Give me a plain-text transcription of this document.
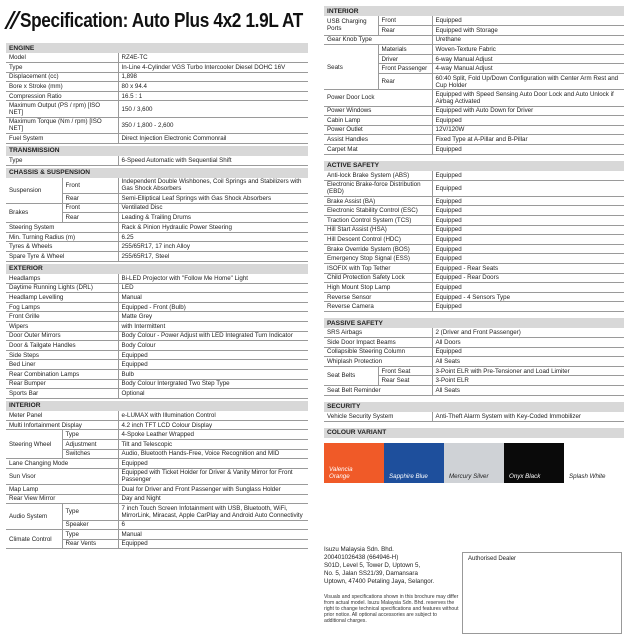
// Specification: Auto Plus 4x2 1.9L AT
ENGINE
Model	RZ4E-TC
Type	In-Line 4-Cylinder VGS Turbo Intercooler Diesel DOHC 16V
Displacement (cc)	1,898
Bore x Stroke (mm)	80 x 94.4
Compression Ratio	16.5 : 1
Maximum Output (PS / rpm) [ISO NET]	150 / 3,600
Maximum Torque (Nm / rpm) [ISO NET]	350 / 1,800 - 2,600
Fuel System	Direct Injection Electronic Commonrail
TRANSMISSION
Type	6-Speed Automatic with Sequential Shift
CHASSIS & SUSPENSION
Suspension	Front	Independent Double Wishbones, Coil Springs and Stabilizers with Gas Shock Absorbers
	Rear	Semi-Elliptical Leaf Springs with Gas Shock Absorbers
Brakes	Front	Ventilated Disc
	Rear	Leading & Trailing Drums
Steering System	Rack & Pinion Hydraulic Power Steering
Min. Turning Radius (m)	6.25
Tyres & Wheels	255/65R17, 17 inch Alloy
Spare Tyre & Wheel	255/65R17, Steel
EXTERIOR
Headlamps	Bi-LED Projector with "Follow Me Home" Light
Daytime Running Lights (DRL)	LED
Headlamp Levelling	Manual
Fog Lamps	Equipped - Front (Bulb)
Front Grille	Matte Grey
Wipers	with Intermittent
Door Outer Mirrors	Body Colour - Power Adjust with LED Integrated Turn Indicator
Door & Tailgate Handles	Body Colour
Side Steps	Equipped
Bed Liner	Equipped
Rear Combination Lamps	Bulb
Rear Bumper	Body Colour Intergrated Two Step Type
Sports Bar	Optional
INTERIOR
Meter Panel		e-LUMAX with Illumination Control
Multi Infortainment Display		4.2 inch TFT LCD Colour Display
Steering Wheel	Type	4-Spoke Leather Wrapped
	Adjustment	Tilt and Telescopic
	Switches	Audio, Bluetooth Hands-Free, Voice Recognition and MID
Lane Changing Mode		Equipped
Sun Visor		Equipped with Ticket Holder for Driver & Vanity Mirror for Front Passenger
Map Lamp		Dual for Driver and Front Passenger with Sunglass Holder
Rear View Mirror		Day and Night
Audio System	Type	7 inch Touch Screen Infotainment with USB, Bluetooth, WiFi, MirrorLink, Miracast, Apple CarPlay and Android Auto Connectivity
	Speaker	6
Climate Control	Type	Manual
	Rear Vents	Equipped
INTERIOR
USB Charging Ports	Front	Equipped
	Rear	Equipped with Storage
Gear Knob Type		Urethane
Seats	Materials	Woven-Texture Fabric
	Driver	6-way Manual Adjust
	Front Passenger	4-way Manual Adjust
	Rear	60:40 Split, Fold Up/Down Configuration with Center Arm Rest and Cup Holder
Power Door Lock		Equipped with Speed Sensing Auto Door Lock and Auto Unlock if Airbag Activated
Power Windows		Equipped with Auto Down for Driver
Cabin Lamp		Equipped
Power Outlet		12V/120W
Assist Handles		Fixed Type at A-Pillar and B-Pillar
Carpet Mat		Equipped
ACTIVE SAFETY
Anti-lock Brake System (ABS)	Equipped
Electronic Brake-force Distribution (EBD)	Equipped
Brake Assist (BA)	Equipped
Electronic Stability Control (ESC)	Equipped
Traction Control System (TCS)	Equipped
Hill Start Assist (HSA)	Equipped
Hill Descent Control (HDC)	Equipped
Brake Override System (BOS)	Equipped
Emergency Stop Signal (ESS)	Equipped
ISOFIX with Top Tether	Equipped - Rear Seats
Child Protection Safety Lock	Equipped - Rear Doors
High Mount Stop Lamp	Equipped
Reverse Sensor	Equipped - 4 Sensors Type
Reverse Camera	Equipped
PASSIVE SAFETY
SRS Airbags		2 (Driver and Front Passenger)
Side Door Impact Beams		All Doors
Collapsible Steering Column		Equipped
Whiplash Protection		All Seats
Seat Belts	Front Seat	3-Point ELR with Pre-Tensioner and Load Limiter
	Rear Seat	3-Point ELR
Seat Belt Reminder		All Seats
SECURITY
Vehicle Security System	Anti-Theft Alarm System with Key-Coded Immobilizer
COLOUR VARIANT
Valencia Orange	Sapphire Blue	Mercury Silver	Onyx Black	Splash White
Isuzu Malaysia Sdn. Bhd.
200401026438 (664946-H)
S01D, Level 5, Tower D, Uptown 5,
No. 5, Jalan SS21/39, Damansara
Uptown, 47400 Petaling Jaya, Selangor.
Visuals and specifications shown in this brochure may differ from actual model. Isuzu Malaysia Sdn. Bhd. reserves the right to change technical specifications and features without prior notice. All optional accessories are subject to additional charges.
Authorised Dealer
